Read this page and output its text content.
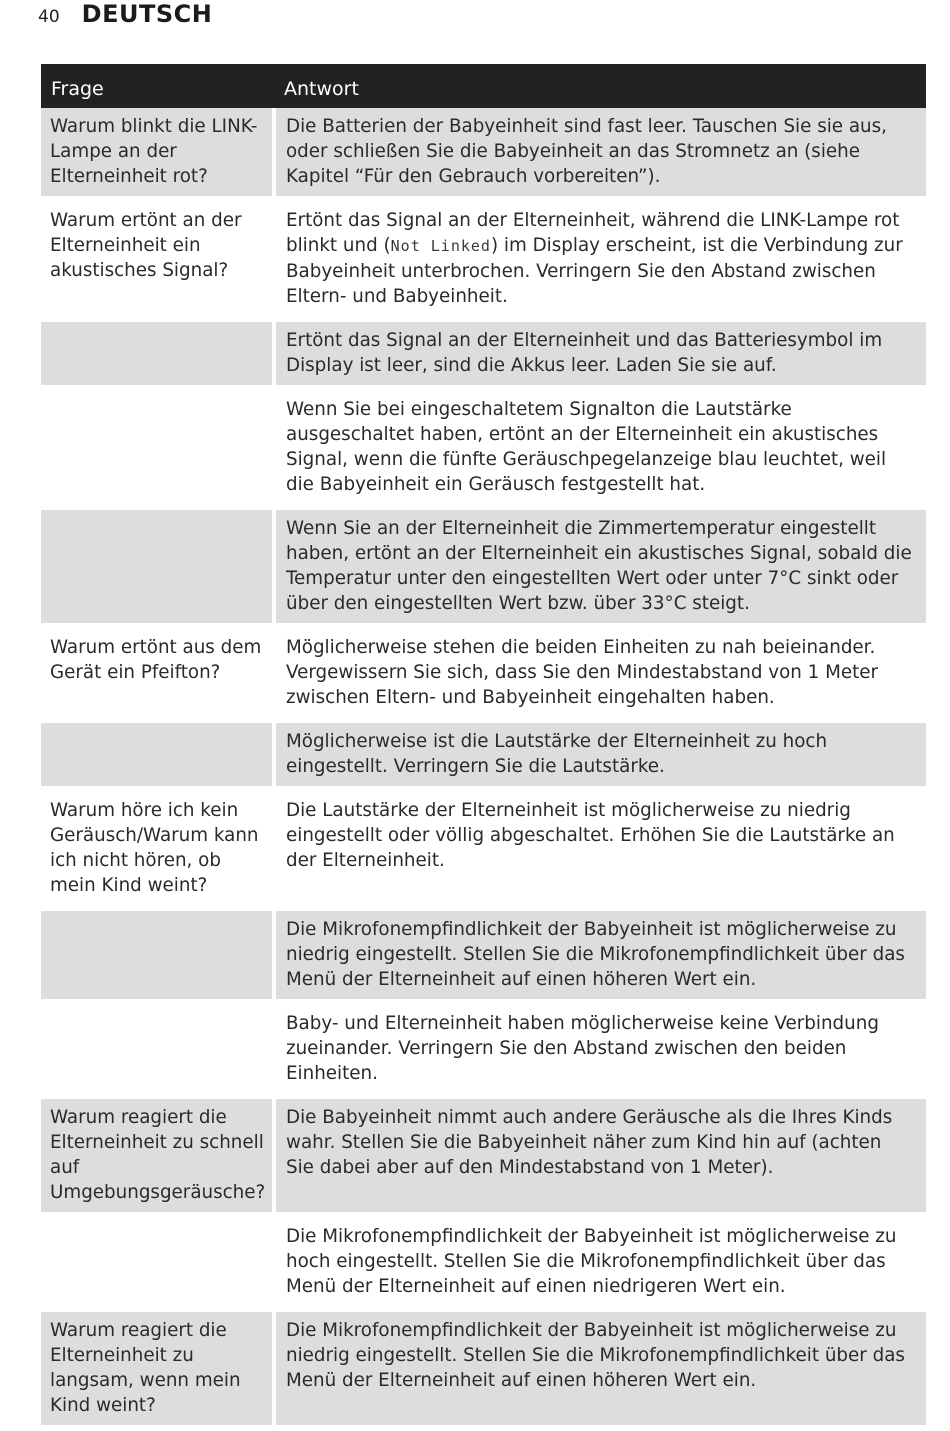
40 DEUTSCH
Frage	Antwort
Warum blinkt die LINK-Lampe an der Elterneinheit rot?	Die Batterien der Babyeinheit sind fast leer. Tauschen Sie sie aus, oder schließen Sie die Babyeinheit an das Stromnetz an (siehe Kapitel “Für den Gebrauch vorbereiten”).
Warum ertönt an der Elterneinheit ein akustisches Signal?	Ertönt das Signal an der Elterneinheit, während die LINK-Lampe rot blinkt und (Not Linked) im Display erscheint, ist die Verbindung zur Babyeinheit unterbrochen. Verringern Sie den Abstand zwischen Eltern- und Babyeinheit.
	Ertönt das Signal an der Elterneinheit und das Batteriesymbol im Display ist leer, sind die Akkus leer. Laden Sie sie auf.
	Wenn Sie bei eingeschaltetem Signalton die Lautstärke ausgeschaltet haben, ertönt an der Elterneinheit ein akustisches Signal, wenn die fünfte Geräuschpegelanzeige blau leuchtet, weil die Babyeinheit ein Geräusch festgestellt hat.
	Wenn Sie an der Elterneinheit die Zimmertemperatur eingestellt haben, ertönt an der Elterneinheit ein akustisches Signal, sobald die Temperatur unter den eingestellten Wert oder unter 7°C sinkt oder über den eingestellten Wert bzw. über 33°C steigt.
Warum ertönt aus dem Gerät ein Pfeifton?	Möglicherweise stehen die beiden Einheiten zu nah beieinander. Vergewissern Sie sich, dass Sie den Mindestabstand von 1 Meter zwischen Eltern- und Babyeinheit eingehalten haben.
	Möglicherweise ist die Lautstärke der Elterneinheit zu hoch eingestellt. Verringern Sie die Lautstärke.
Warum höre ich kein Geräusch/Warum kann ich nicht hören, ob mein Kind weint?	Die Lautstärke der Elterneinheit ist möglicherweise zu niedrig eingestellt oder völlig abgeschaltet. Erhöhen Sie die Lautstärke an der Elterneinheit.
	Die Mikrofonempfindlichkeit der Babyeinheit ist möglicherweise zu niedrig eingestellt. Stellen Sie die Mikrofonempfindlichkeit über das Menü der Elterneinheit auf einen höheren Wert ein.
	Baby- und Elterneinheit haben möglicherweise keine Verbindung zueinander. Verringern Sie den Abstand zwischen den beiden Einheiten.
Warum reagiert die Elterneinheit zu schnell auf Umgebungsgeräusche?	Die Babyeinheit nimmt auch andere Geräusche als die Ihres Kinds wahr. Stellen Sie die Babyeinheit näher zum Kind hin auf (achten Sie dabei aber auf den Mindestabstand von 1 Meter).
	Die Mikrofonempfindlichkeit der Babyeinheit ist möglicherweise zu hoch eingestellt. Stellen Sie die Mikrofonempfindlichkeit über das Menü der Elterneinheit auf einen niedrigeren Wert ein.
Warum reagiert die Elterneinheit zu langsam, wenn mein Kind weint?	Die Mikrofonempfindlichkeit der Babyeinheit ist möglicherweise zu niedrig eingestellt. Stellen Sie die Mikrofonempfindlichkeit über das Menü der Elterneinheit auf einen höheren Wert ein.
